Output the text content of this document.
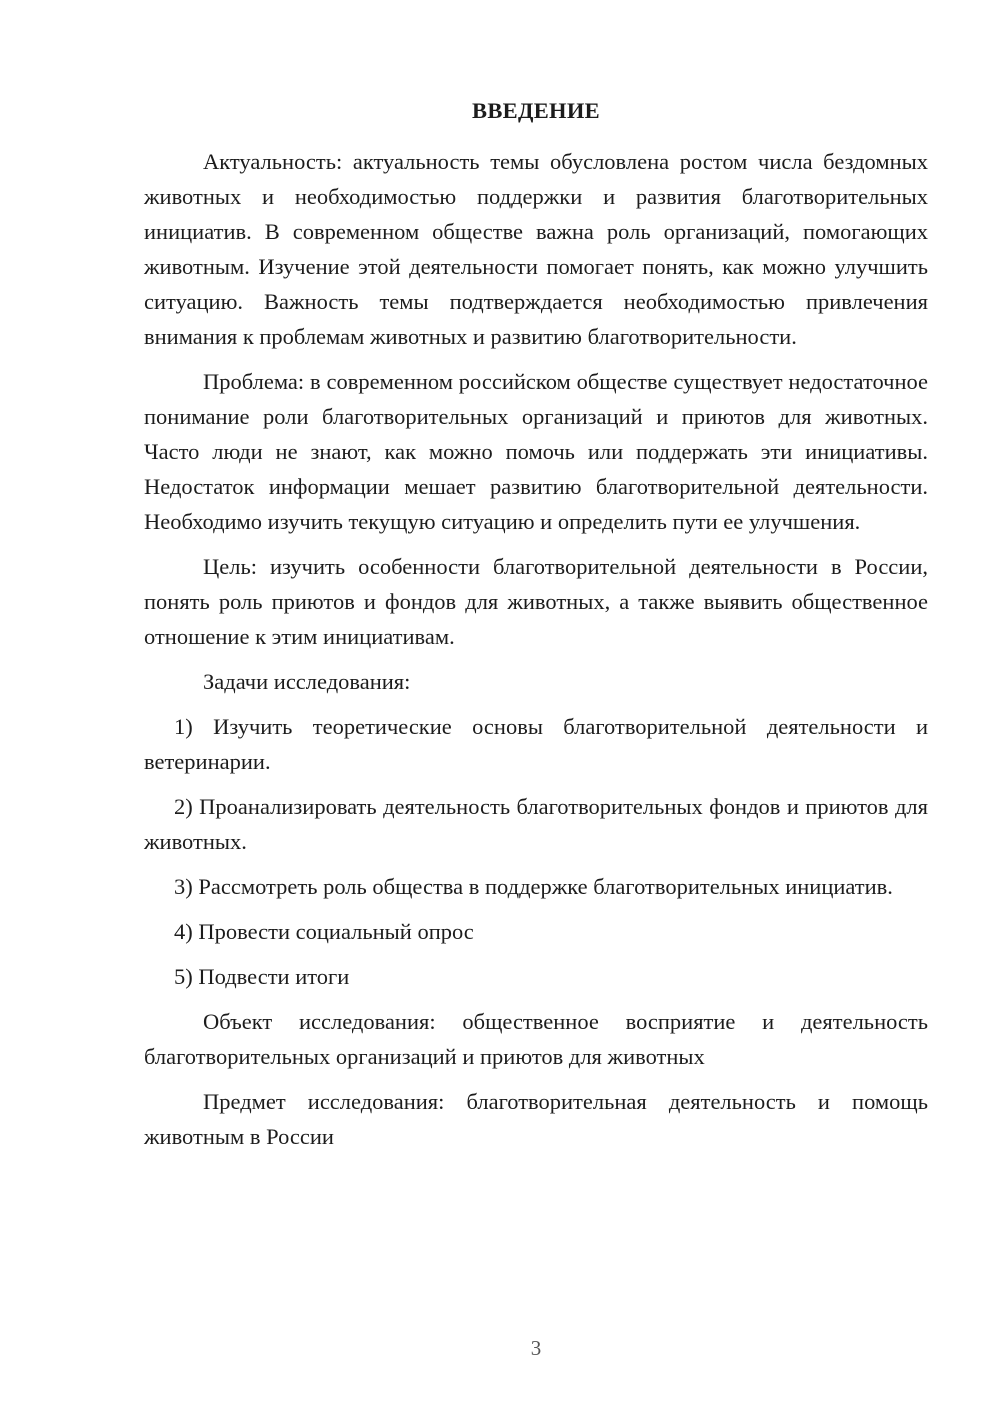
ВВЕДЕНИЕ

Актуальность: актуальность темы обусловлена ростом числа бездомных животных и необходимостью поддержки и развития благотворительных инициатив. В современном обществе важна роль организаций, помогающих животным. Изучение этой деятельности помогает понять, как можно улучшить ситуацию. Важность темы подтверждается необходимостью привлечения внимания к проблемам животных и развитию благотворительности.

Проблема: в современном российском обществе существует недостаточное понимание роли благотворительных организаций и приютов для животных. Часто люди не знают, как можно помочь или поддержать эти инициативы. Недостаток информации мешает развитию благотворительной деятельности. Необходимо изучить текущую ситуацию и определить пути ее улучшения.

Цель: изучить особенности благотворительной деятельности в России, понять роль приютов и фондов для животных, а также выявить общественное отношение к этим инициативам.

Задачи исследования:

1) Изучить теоретические основы благотворительной деятельности и ветеринарии.

2) Проанализировать деятельность благотворительных фондов и приютов для животных.

3) Рассмотреть роль общества в поддержке благотворительных инициатив.

4) Провести социальный опрос

5) Подвести итоги

Объект исследования: общественное восприятие и деятельность благотворительных организаций и приютов для животных

Предмет исследования: благотворительная деятельность и помощь животным в России

3
